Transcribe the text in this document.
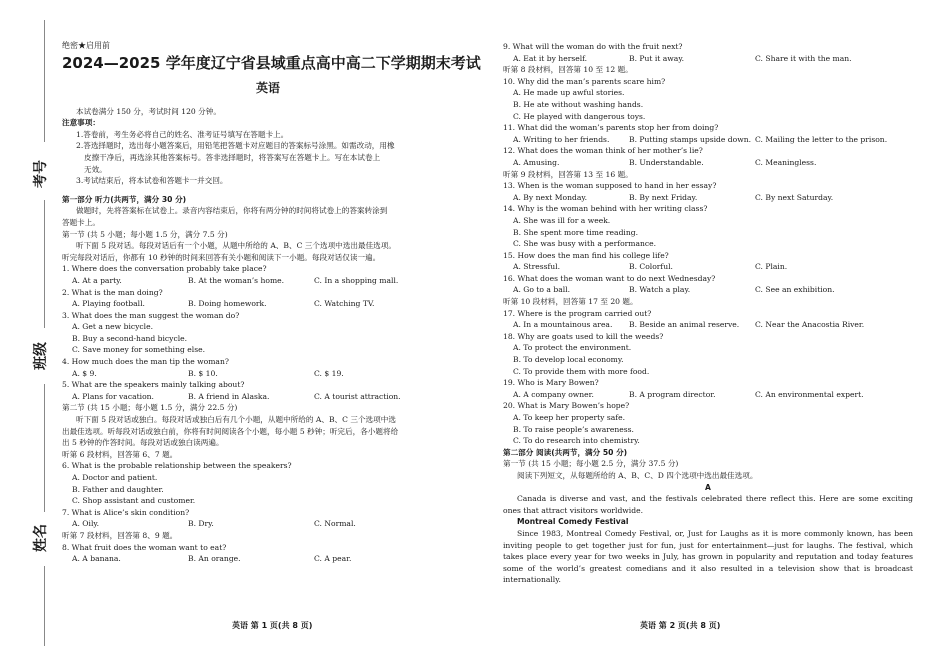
考号
班级
姓名
绝密★启用前
2024—2025 学年度辽宁省县域重点高中高二下学期期末考试
英语
本试卷满分 150 分，考试时间 120 分钟。
注意事项：
1.答卷前，考生务必将自己的姓名、准考证号填写在答题卡上。
2.答选择题时，选出每小题答案后，用铅笔把答题卡对应题目的答案标号涂黑。如需改动，用橡
皮擦干净后，再选涂其他答案标号。答非选择题时，将答案写在答题卡上。写在本试卷上
无效。
3.考试结束后，将本试卷和答题卡一并交回。
第一部分 听力(共两节，满分 30 分)
做题时，先将答案标在试卷上。录音内容结束后，你将有两分钟的时间将试卷上的答案转涂到
答题卡上。
第一节 (共 5 小题；每小题 1.5 分，满分 7.5 分)
听下面 5 段对话。每段对话后有一个小题，从题中所给的 A、B、C 三个选项中选出最佳选项。
听完每段对话后，你都有 10 秒钟的时间来回答有关小题和阅读下一小题。每段对话仅读一遍。
1. Where does the conversation probably take place?
A. At a party.	B. At the woman’s home.	C. In a shopping mall.
2. What is the man doing?
A. Playing football.	B. Doing homework.	C. Watching TV.
3. What does the man suggest the woman do?
A. Get a new bicycle.
B. Buy a second-hand bicycle.
C. Save money for something else.
4. How much does the man tip the woman?
A. $ 9.	B. $ 10.	C. $ 19.
5. What are the speakers mainly talking about?
A. Plans for vacation.	B. A friend in Alaska.	C. A tourist attraction.
第二节 (共 15 小题；每小题 1.5 分，满分 22.5 分)
听下面 5 段对话或独白。每段对话或独白后有几个小题，从题中所给的 A、B、C 三个选项中选
出最佳选项。听每段对话或独白前，你将有时间阅读各个小题，每小题 5 秒钟；听完后，各小题将给
出 5 秒钟的作答时间。每段对话或独白读两遍。
听第 6 段材料，回答第 6、7 题。
6. What is the probable relationship between the speakers?
A. Doctor and patient.
B. Father and daughter.
C. Shop assistant and customer.
7. What is Alice’s skin condition?
A. Oily.	B. Dry.	C. Normal.
听第 7 段材料，回答第 8、9 题。
8. What fruit does the woman want to eat?
A. A banana.	B. An orange.	C. A pear.
9. What will the woman do with the fruit next?
A. Eat it by herself.	B. Put it away.	C. Share it with the man.
听第 8 段材料，回答第 10 至 12 题。
10. Why did the man’s parents scare him?
A. He made up awful stories.
B. He ate without washing hands.
C. He played with dangerous toys.
11. What did the woman’s parents stop her from doing?
A. Writing to her friends.	B. Putting stamps upside down. C. Mailing the letter to the prison.
12. What does the woman think of her mother’s lie?
A. Amusing.	B. Understandable.	C. Meaningless.
听第 9 段材料，回答第 13 至 16 题。
13. When is the woman supposed to hand in her essay?
A. By next Monday.	B. By next Friday.	C. By next Saturday.
14. Why is the woman behind with her writing class?
A. She was ill for a week.
B. She spent more time reading.
C. She was busy with a performance.
15. How does the man find his college life?
A. Stressful.	B. Colorful.	C. Plain.
16. What does the woman want to do next Wednesday?
A. Go to a ball.	B. Watch a play.	C. See an exhibition.
听第 10 段材料，回答第 17 至 20 题。
17. Where is the program carried out?
A. In a mountainous area.	B. Beside an animal reserve.	C. Near the Anacostia River.
18. Why are goats used to kill the weeds?
A. To protect the environment.
B. To develop local economy.
C. To provide them with more food.
19. Who is Mary Bowen?
A. A company owner.	B. A program director.	C. An environmental expert.
20. What is Mary Bowen’s hope?
A. To keep her property safe.
B. To raise people’s awareness.
C. To do research into chemistry.
第二部分 阅读(共两节，满分 50 分)
第一节 (共 15 小题；每小题 2.5 分，满分 37.5 分)
阅读下列短文，从每题所给的 A、B、C、D 四个选项中选出最佳选项。
A
Canada is diverse and vast, and the festivals celebrated there reflect this. Here are some exciting ones that attract visitors worldwide.
Montreal Comedy Festival
Since 1983, Montreal Comedy Festival, or, Just for Laughs as it is more commonly known, has been inviting people to get together just for fun, just for entertainment—just for laughs. The festival, which takes place every year for two weeks in July, has grown in popularity and reputation and today features some of the world’s greatest comedians and it also resulted in a television show that is broadcast internationally.
英语 第 1 页(共 8 页)	英语 第 2 页(共 8 页)
